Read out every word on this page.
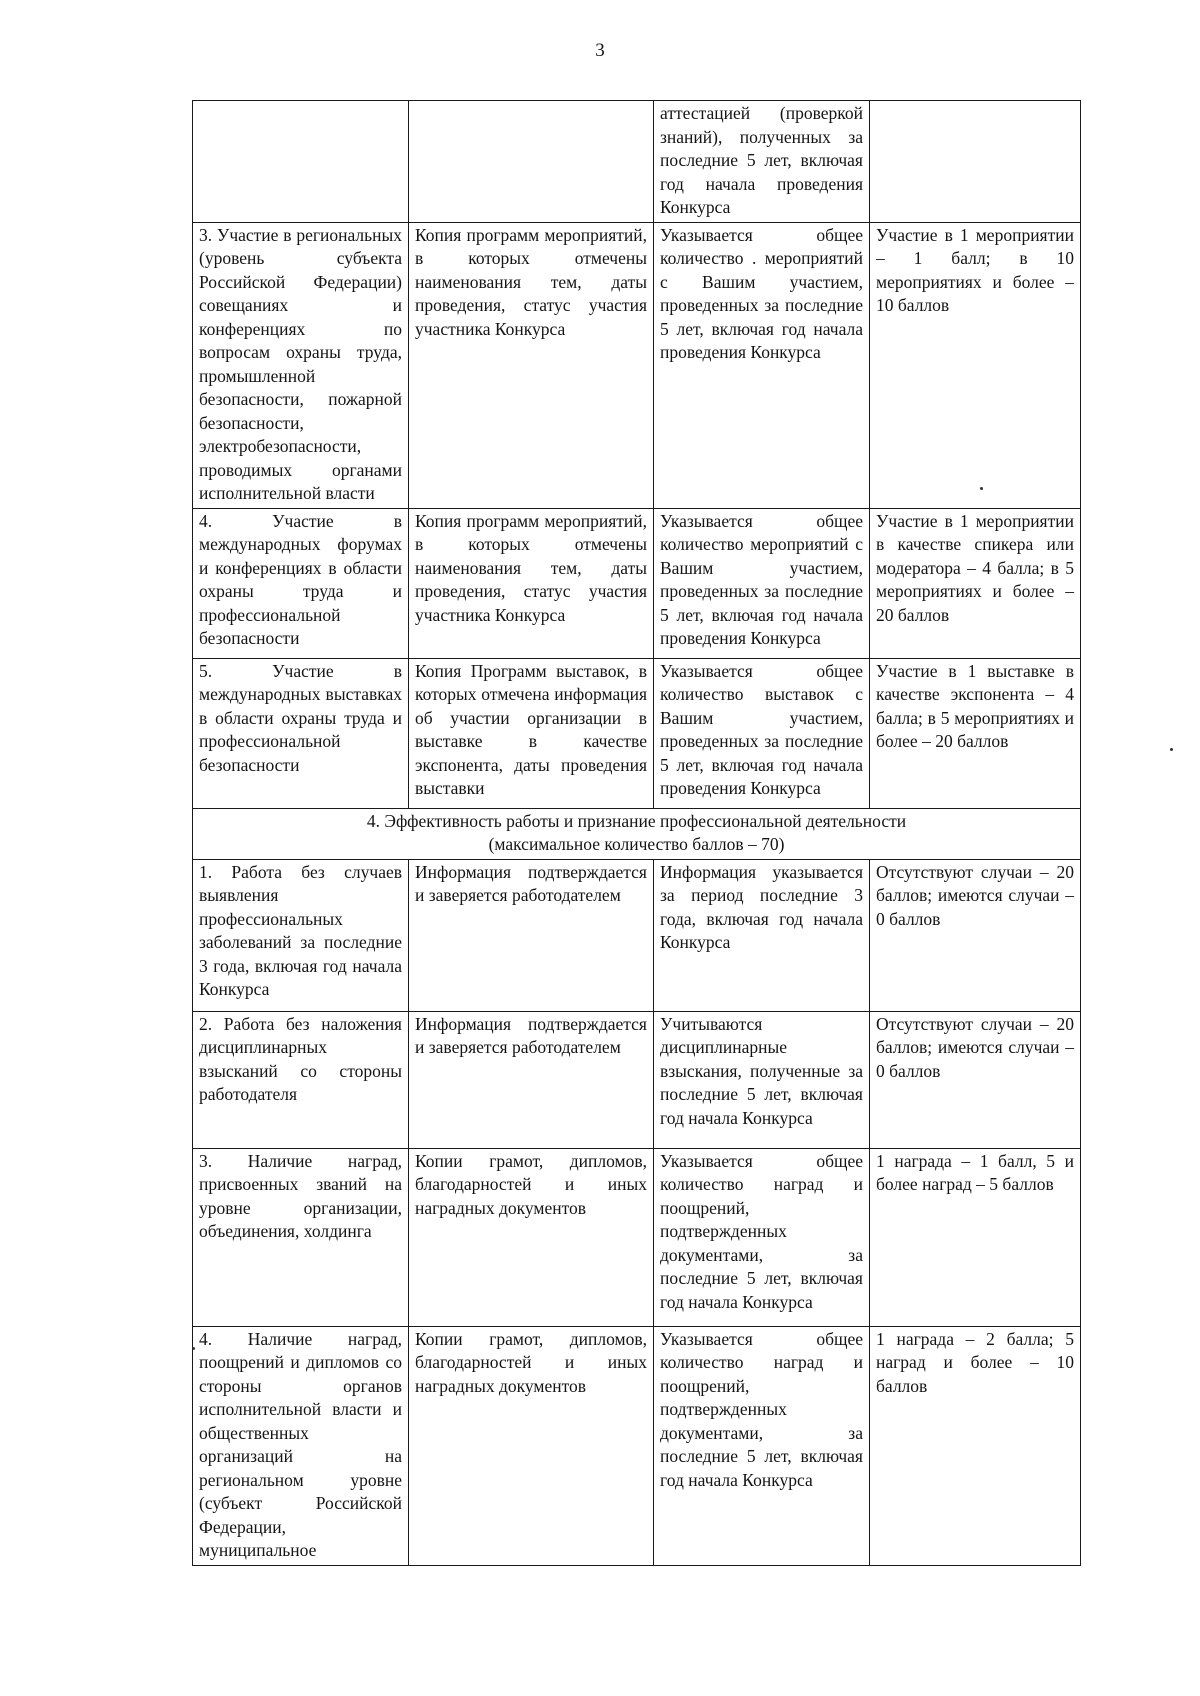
3
		аттестацией (проверкой знаний), полученных за последние 5 лет, включая год начала проведения Конкурса	
3. Участие в региональных (уровень субъекта Российской Федерации) совещаниях и конференциях по вопросам охраны труда, промышленной безопасности, пожарной безопасности, электробезопасности, проводимых органами исполнительной власти	Копия программ мероприятий, в которых отмечены наименования тем, даты проведения, статус участия участника Конкурса	Указывается общее количество . мероприятий с Вашим участием, проведенных за последние 5 лет, включая год начала проведения Конкурса	Участие в 1 мероприятии – 1 балл; в 10 мероприятиях и более – 10 баллов
4. Участие в международных форумах и конференциях в области охраны труда и профессиональной безопасности	Копия программ мероприятий, в которых отмечены наименования тем, даты проведения, статус участия участника Конкурса	Указывается общее количество мероприятий с Вашим участием, проведенных за последние 5 лет, включая год начала проведения Конкурса	Участие в 1 мероприятии в качестве спикера или модератора – 4 балла; в 5 мероприятиях и более – 20 баллов
5. Участие в международных выставках в области охраны труда и профессиональной безопасности	Копия Программ выставок, в которых отмечена информация об участии организации в выставке в качестве экспонента, даты проведения выставки	Указывается общее количество выставок с Вашим участием, проведенных за последние 5 лет, включая год начала проведения Конкурса	Участие в 1 выставке в качестве экспонента – 4 балла; в 5 мероприятиях и более – 20 баллов

4. Эффективность работы и признание профессиональной деятельности
(максимальное количество баллов – 70)			

1. Работа без случаев выявления профессиональных заболеваний за последние 3 года, включая год начала Конкурса	Информация подтверждается и заверяется работодателем	Информация указывается за период последние 3 года, включая год начала Конкурса	Отсутствуют случаи – 20 баллов; имеются случаи – 0 баллов
2. Работа без наложения дисциплинарных взысканий со стороны работодателя	Информация подтверждается и заверяется работодателем	Учитываются дисциплинарные взыскания, полученные за последние 5 лет, включая год начала Конкурса	Отсутствуют случаи – 20 баллов; имеются случаи – 0 баллов
3. Наличие наград, присвоенных званий на уровне организации, объединения, холдинга	Копии грамот, дипломов, благодарностей и иных наградных документов	Указывается общее количество наград и поощрений, подтвержденных документами, за последние 5 лет, включая год начала Конкурса	1 награда – 1 балл, 5 и более наград – 5 баллов
4. Наличие наград, поощрений и дипломов со стороны органов исполнительной власти и общественных организаций на региональном уровне (субъект Российской Федерации, муниципальное	Копии грамот, дипломов, благодарностей и иных наградных документов	Указывается общее количество наград и поощрений, подтвержденных документами, за последние 5 лет, включая год начала Конкурса	1 награда – 2 балла; 5 наград и более – 10 баллов
